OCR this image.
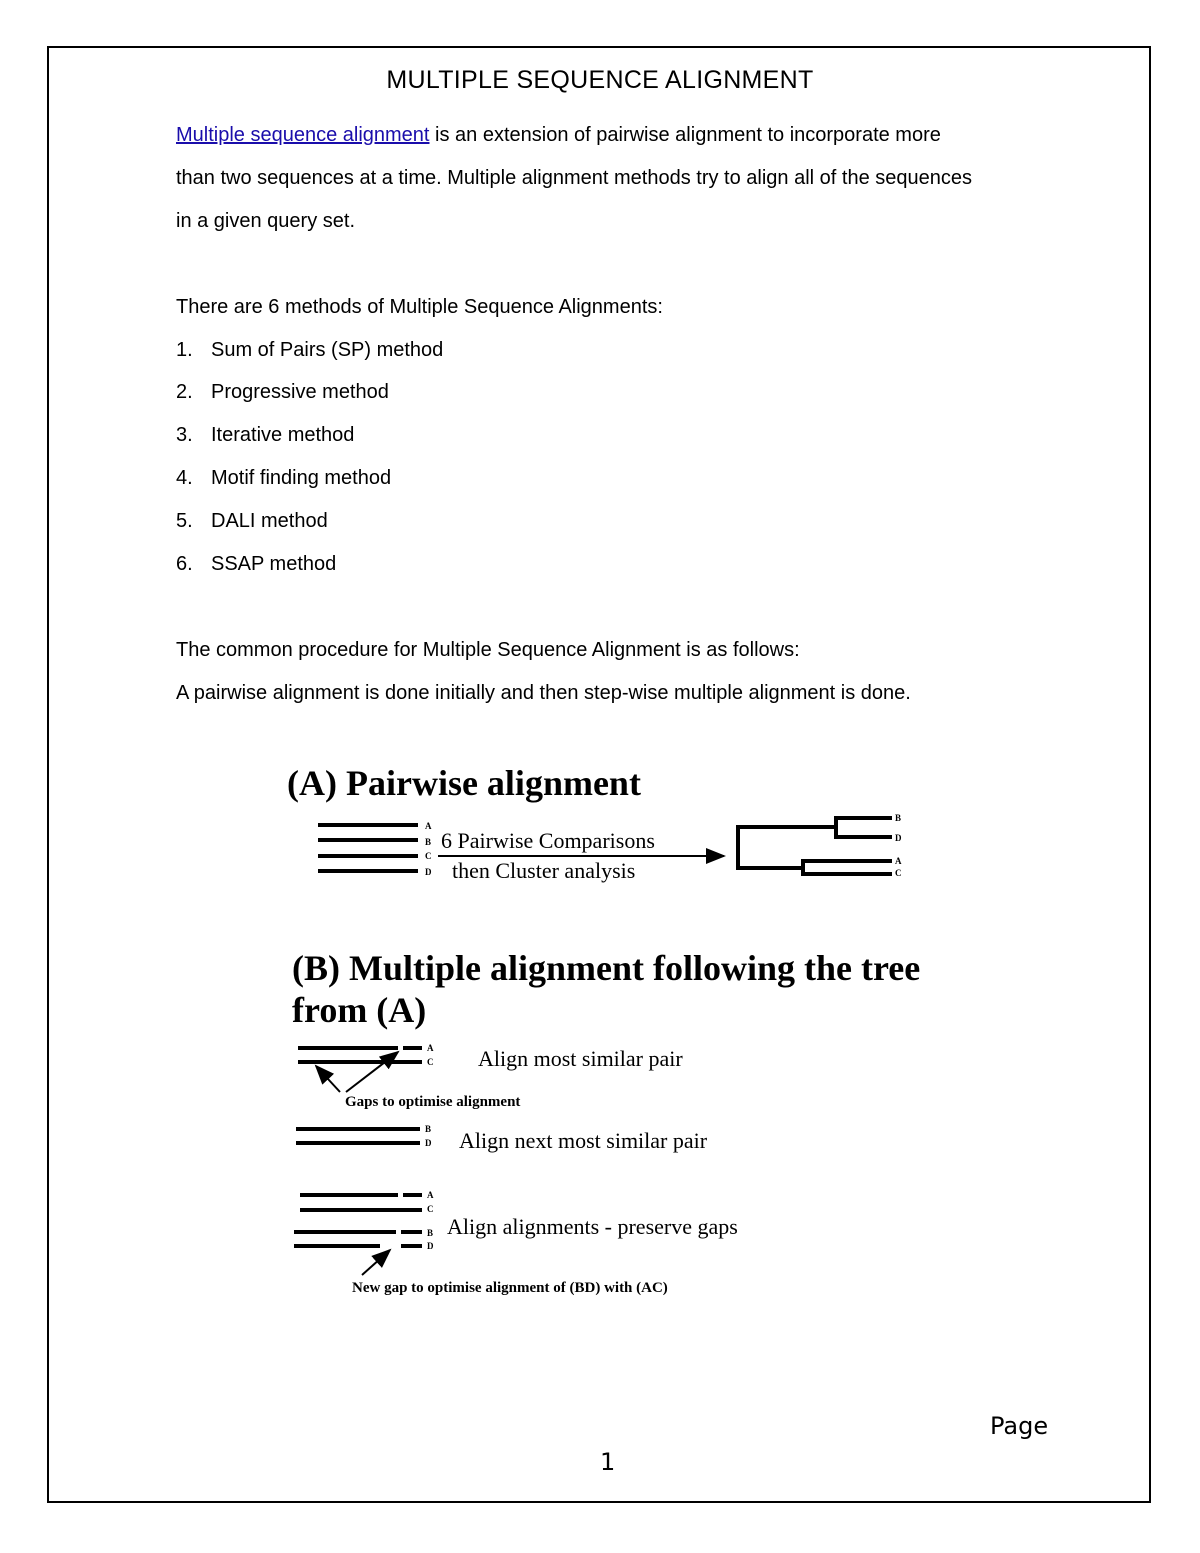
MULTIPLE SEQUENCE ALIGNMENT
Multiple sequence alignment is an extension of pairwise alignment to incorporate more
than two sequences at a time. Multiple alignment methods try to align all of the sequences
in a given query set.
There are 6 methods of Multiple Sequence Alignments:
1. Sum of Pairs (SP) method
2. Progressive method
3. Iterative method
4. Motif finding method
5. DALI method
6. SSAP method
The common procedure for Multiple Sequence Alignment is as follows:
A pairwise alignment is done initially and then step-wise multiple alignment is done.
(A) Pairwise alignment
A
B
C
D
6 Pairwise Comparisons
then Cluster analysis
B
D
A
C
(B) Multiple alignment following the tree
from (A)
A
C Align most similar pair
Gaps to optimise alignment
B
D Align next most similar pair
A
C
B
D
Align alignments - preserve gaps
New gap to optimise alignment of (BD) with (AC)
Page
1
